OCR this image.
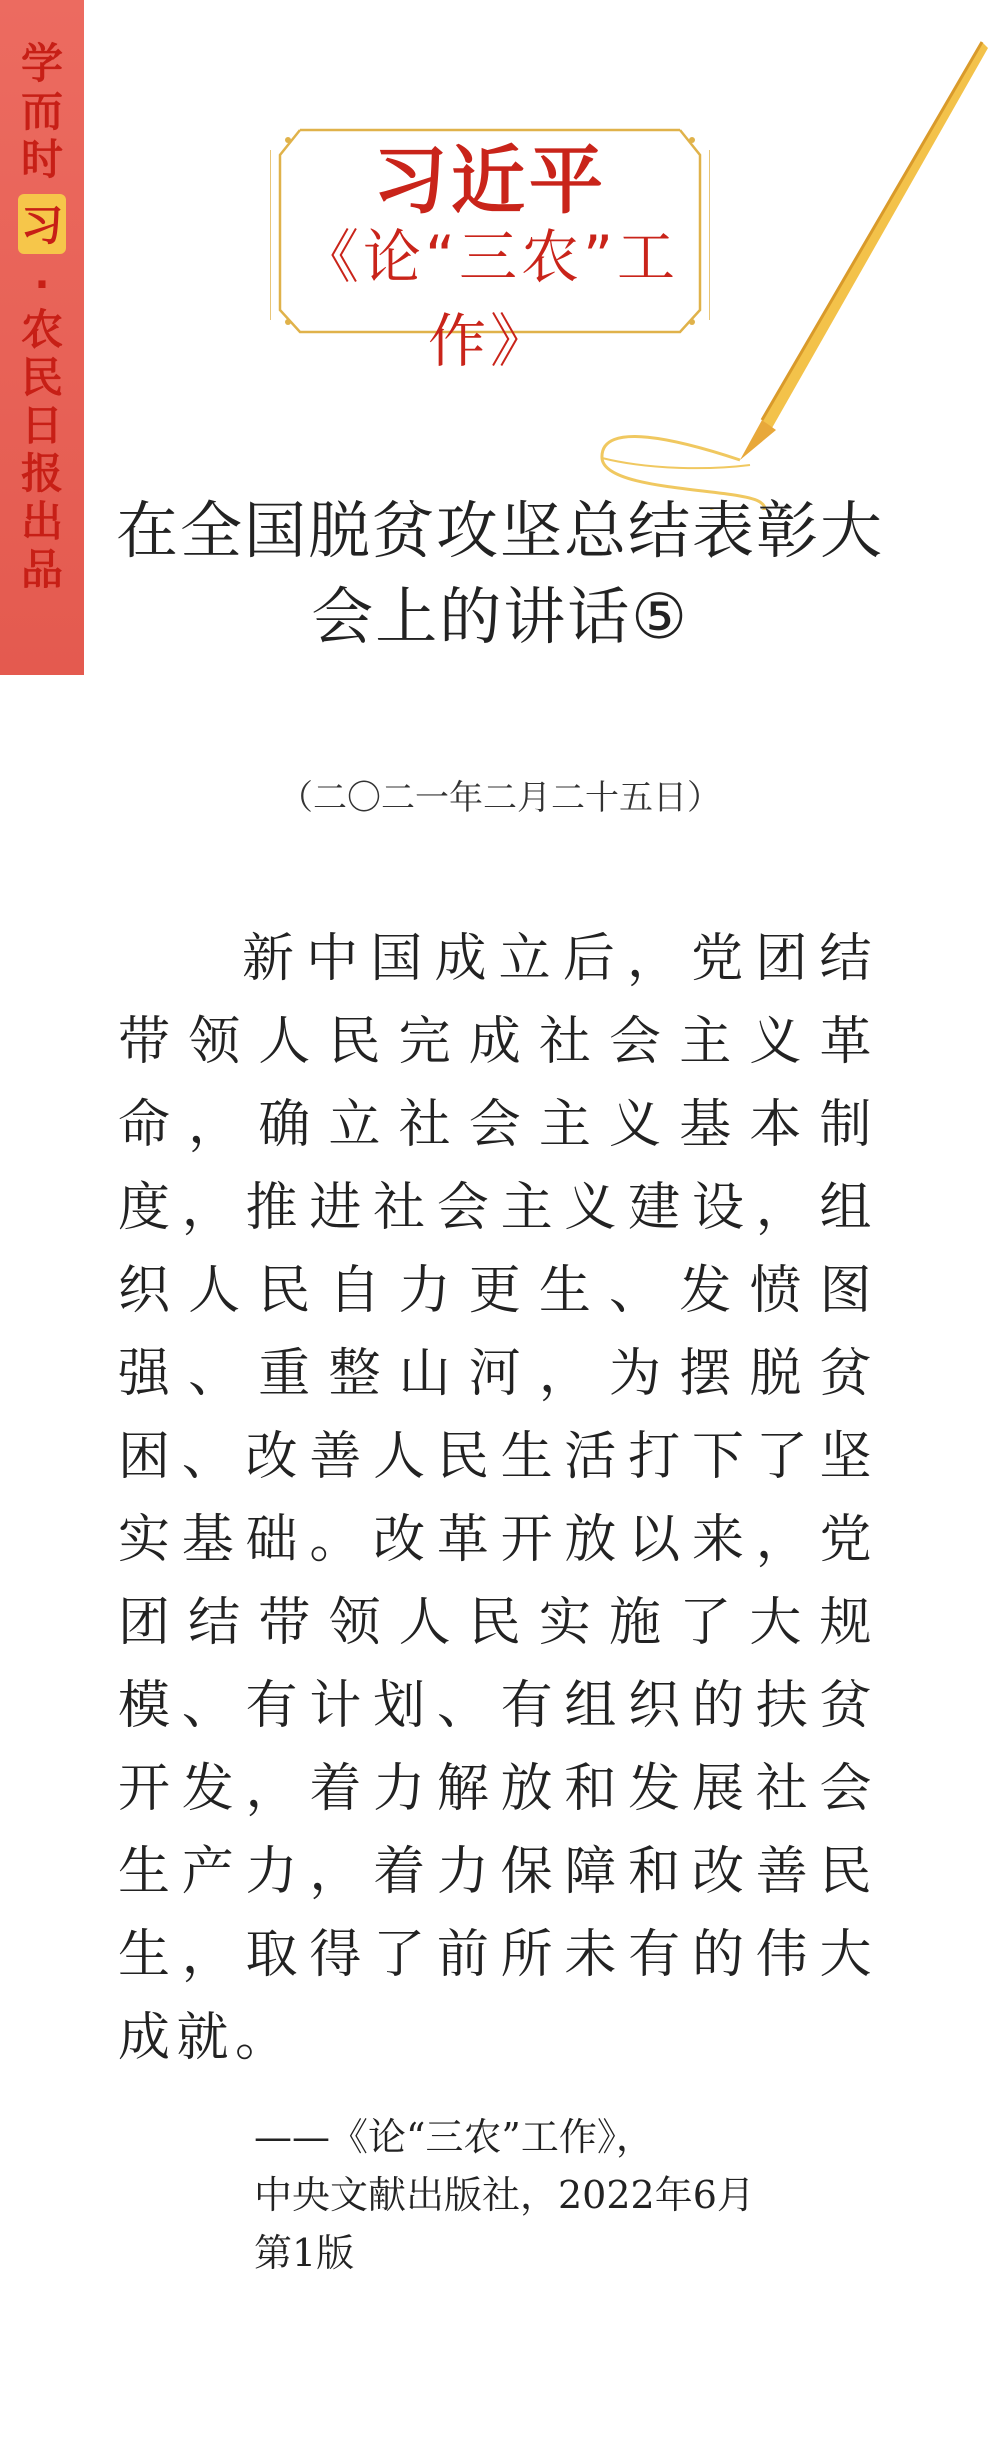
学而时
习
·
农民日报出品
习近平
《论“三农”工作》
在全国脱贫攻坚总结表彰大会上的讲话⑤
（二〇二一年二月二十五日）
新中国成立后，党团结带领人民完成社会主义革命，确立社会主义基本制度，推进社会主义建设，组织人民自力更生、发愤图强、重整山河，为摆脱贫困、改善人民生活打下了坚实基础。改革开放以来，党团结带领人民实施了大规模、有计划、有组织的扶贫开发，着力解放和发展社会生产力，着力保障和改善民生，取得了前所未有的伟大成就。
——《论“三农”工作》，
中央文献出版社，2022年6月
第1版
